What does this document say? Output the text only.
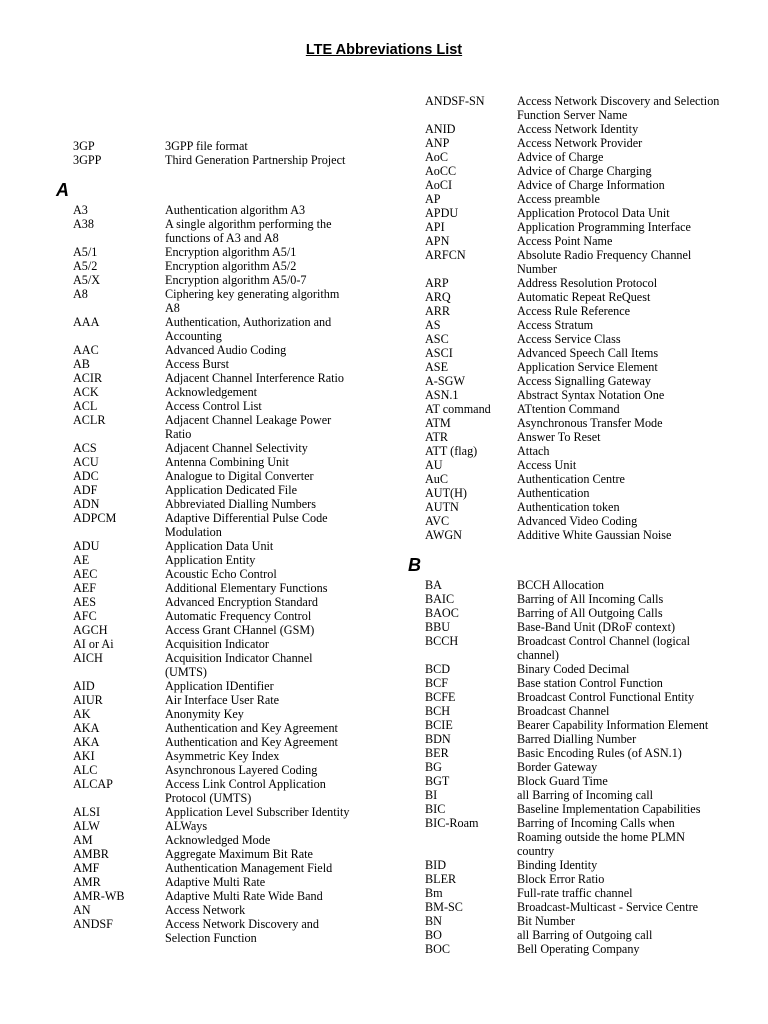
LTE Abbreviations List
3GP	3GPP file format
3GPP	Third Generation Partnership Project
A
A3	Authentication algorithm A3
A38	A single algorithm performing the functions of A3 and A8
A5/1	Encryption algorithm A5/1
A5/2	Encryption algorithm A5/2
A5/X	Encryption algorithm A5/0-7
A8	Ciphering key generating algorithm A8
AAA	Authentication, Authorization and Accounting
AAC	Advanced Audio Coding
AB	Access Burst
ACIR	Adjacent Channel Interference Ratio
ACK	Acknowledgement
ACL	Access Control List
ACLR	Adjacent Channel Leakage Power Ratio
ACS	Adjacent Channel Selectivity
ACU	Antenna Combining Unit
ADC	Analogue to Digital Converter
ADF	Application Dedicated File
ADN	Abbreviated Dialling Numbers
ADPCM	Adaptive Differential Pulse Code Modulation
ADU	Application Data Unit
AE	Application Entity
AEC	Acoustic Echo Control
AEF	Additional Elementary Functions
AES	Advanced Encryption Standard
AFC	Automatic Frequency Control
AGCH	Access Grant CHannel (GSM)
AI or Ai	Acquisition Indicator
AICH	Acquisition Indicator Channel (UMTS)
AID	Application IDentifier
AIUR	Air Interface User Rate
AK	Anonymity Key
AKA	Authentication and Key Agreement
AKA	Authentication and Key Agreement
AKI	Asymmetric Key Index
ALC	Asynchronous Layered Coding
ALCAP	Access Link Control Application Protocol (UMTS)
ALSI	Application Level Subscriber Identity
ALW	ALWays
AM	Acknowledged Mode
AMBR	Aggregate Maximum Bit Rate
AMF	Authentication Management Field
AMR	Adaptive Multi Rate
AMR-WB	Adaptive Multi Rate Wide Band
AN	Access Network
ANDSF	Access Network Discovery and Selection Function
ANDSF-SN	Access Network Discovery and Selection Function Server Name
ANID	Access Network Identity
ANP	Access Network Provider
AoC	Advice of Charge
AoCC	Advice of Charge Charging
AoCI	Advice of Charge Information
AP	Access preamble
APDU	Application Protocol Data Unit
API	Application Programming Interface
APN	Access Point Name
ARFCN	Absolute Radio Frequency Channel Number
ARP	Address Resolution Protocol
ARQ	Automatic Repeat ReQuest
ARR	Access Rule Reference
AS	Access Stratum
ASC	Access Service Class
ASCI	Advanced Speech Call Items
ASE	Application Service Element
A-SGW	Access Signalling Gateway
ASN.1	Abstract Syntax Notation One
AT command	ATtention Command
ATM	Asynchronous Transfer Mode
ATR	Answer To Reset
ATT (flag)	Attach
AU	Access Unit
AuC	Authentication Centre
AUT(H)	Authentication
AUTN	Authentication token
AVC	Advanced Video Coding
AWGN	Additive White Gaussian Noise
B
BA	BCCH Allocation
BAIC	Barring of All Incoming Calls
BAOC	Barring of All Outgoing Calls
BBU	Base-Band Unit (DRoF context)
BCCH	Broadcast Control Channel (logical channel)
BCD	Binary Coded Decimal
BCF	Base station Control Function
BCFE	Broadcast Control Functional Entity
BCH	Broadcast Channel
BCIE	Bearer Capability Information Element
BDN	Barred Dialling Number
BER	Basic Encoding Rules (of ASN.1)
BG	Border Gateway
BGT	Block Guard Time
BI	all Barring of Incoming call
BIC	Baseline Implementation Capabilities
BIC-Roam	Barring of Incoming Calls when Roaming outside the home PLMN country
BID	Binding Identity
BLER	Block Error Ratio
Bm	Full-rate traffic channel
BM-SC	Broadcast-Multicast - Service Centre
BN	Bit Number
BO	all Barring of Outgoing call
BOC	Bell Operating Company
